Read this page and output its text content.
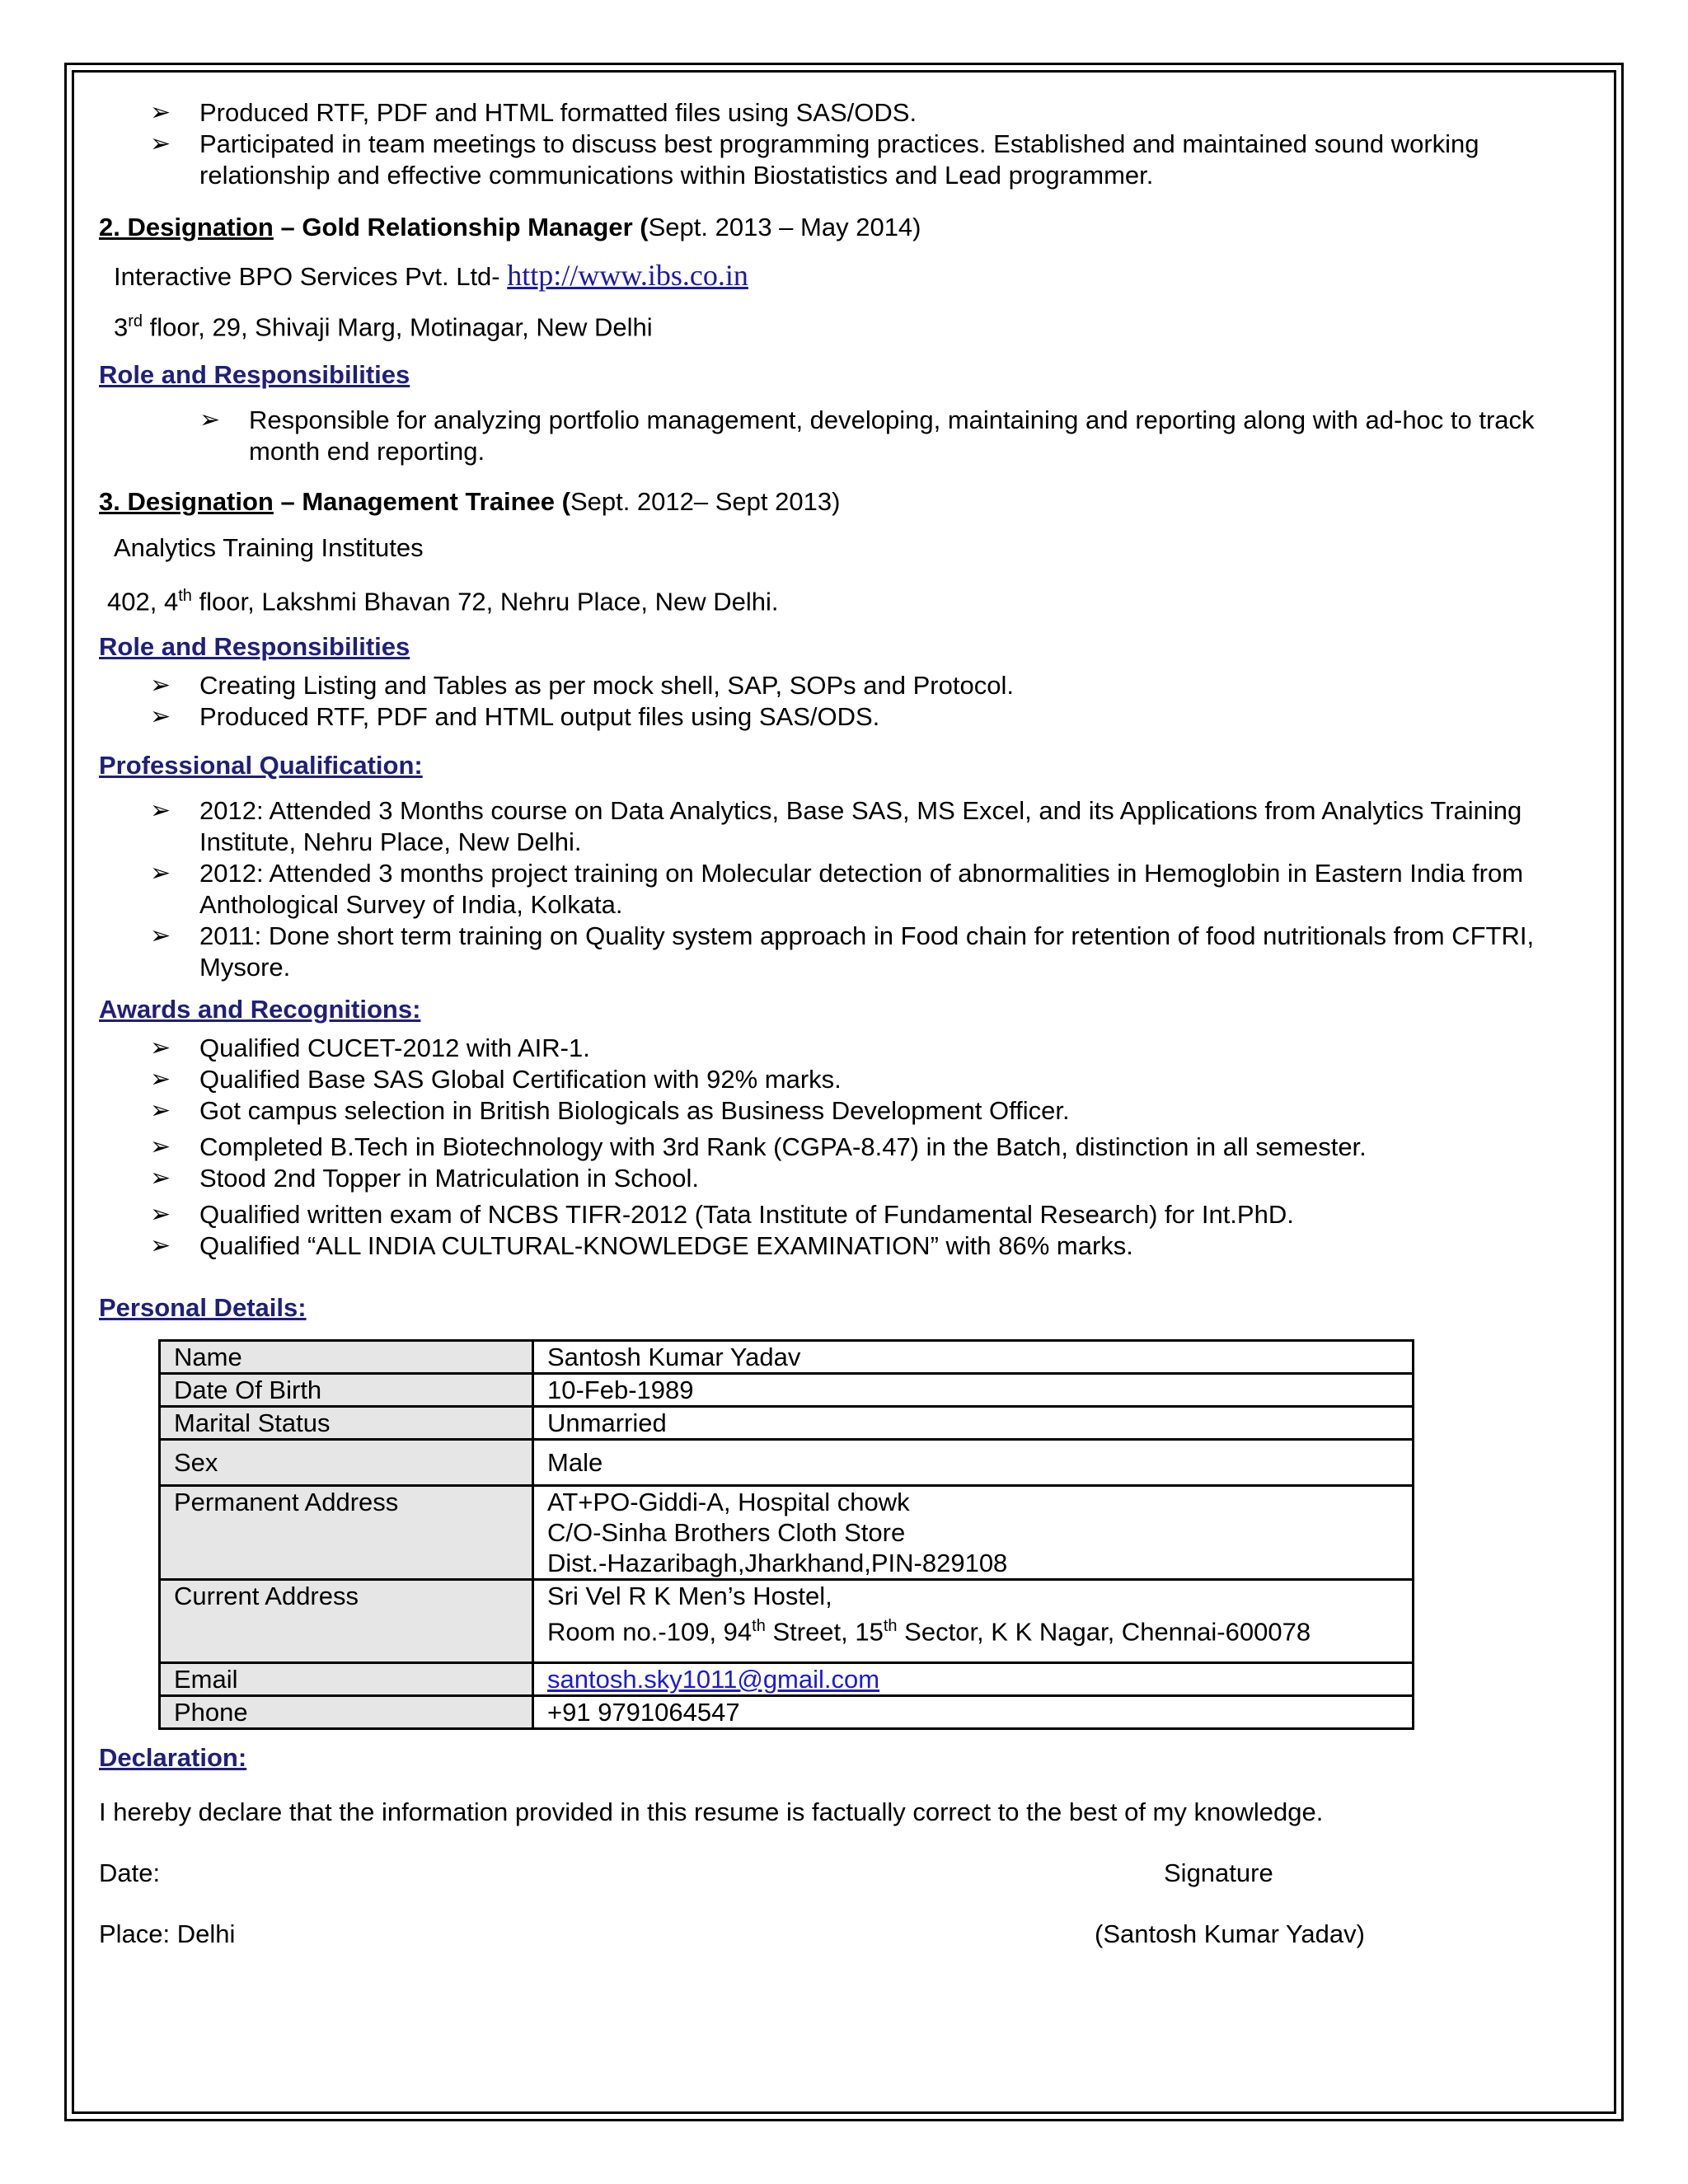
➢ Produced RTF, PDF and HTML formatted files using SAS/ODS.
➢ Participated in team meetings to discuss best programming practices. Established and maintained sound working relationship and effective communications within Biostatistics and Lead programmer.
2. Designation – Gold Relationship Manager (Sept. 2013 – May 2014)
Interactive BPO Services Pvt. Ltd- http://www.ibs.co.in
3rd floor, 29, Shivaji Marg, Motinagar, New Delhi
Role and Responsibilities
➢ Responsible for analyzing portfolio management, developing, maintaining and reporting along with ad-hoc to track month end reporting.
3. Designation – Management Trainee (Sept. 2012– Sept 2013)
Analytics Training Institutes
402, 4th floor, Lakshmi Bhavan 72, Nehru Place, New Delhi.
Role and Responsibilities
➢ Creating Listing and Tables as per mock shell, SAP, SOPs and Protocol.
➢ Produced RTF, PDF and HTML output files using SAS/ODS.
Professional Qualification:
➢ 2012: Attended 3 Months course on Data Analytics, Base SAS, MS Excel, and its Applications from Analytics Training Institute, Nehru Place, New Delhi.
➢ 2012: Attended 3 months project training on Molecular detection of abnormalities in Hemoglobin in Eastern India from Anthological Survey of India, Kolkata.
➢ 2011: Done short term training on Quality system approach in Food chain for retention of food nutritionals from CFTRI, Mysore.
Awards and Recognitions:
➢ Qualified CUCET-2012 with AIR-1.
➢ Qualified Base SAS Global Certification with 92% marks.
➢ Got campus selection in British Biologicals as Business Development Officer.
➢ Completed B.Tech in Biotechnology with 3rd Rank (CGPA-8.47) in the Batch, distinction in all semester.
➢ Stood 2nd Topper in Matriculation in School.
➢ Qualified written exam of NCBS TIFR-2012 (Tata Institute of Fundamental Research) for Int.PhD.
➢ Qualified “ALL INDIA CULTURAL-KNOWLEDGE EXAMINATION” with 86% marks.
Personal Details:
Name	Santosh Kumar Yadav
Date Of Birth	10-Feb-1989
Marital Status	Unmarried
Sex	Male
Permanent Address	AT+PO-Giddi-A, Hospital chowk
C/O-Sinha Brothers Cloth Store
Dist.-Hazaribagh,Jharkhand,PIN-829108

Current Address	Sri Vel R K Men’s Hostel,
Room no.-109, 94th Street, 15th Sector, K K Nagar, Chennai-600078

Email	santosh.sky1011@gmail.com
Phone	+91 9791064547
Declaration:
I hereby declare that the information provided in this resume is factually correct to the best of my knowledge.
Date:	Signature
Place: Delhi	(Santosh Kumar Yadav)
